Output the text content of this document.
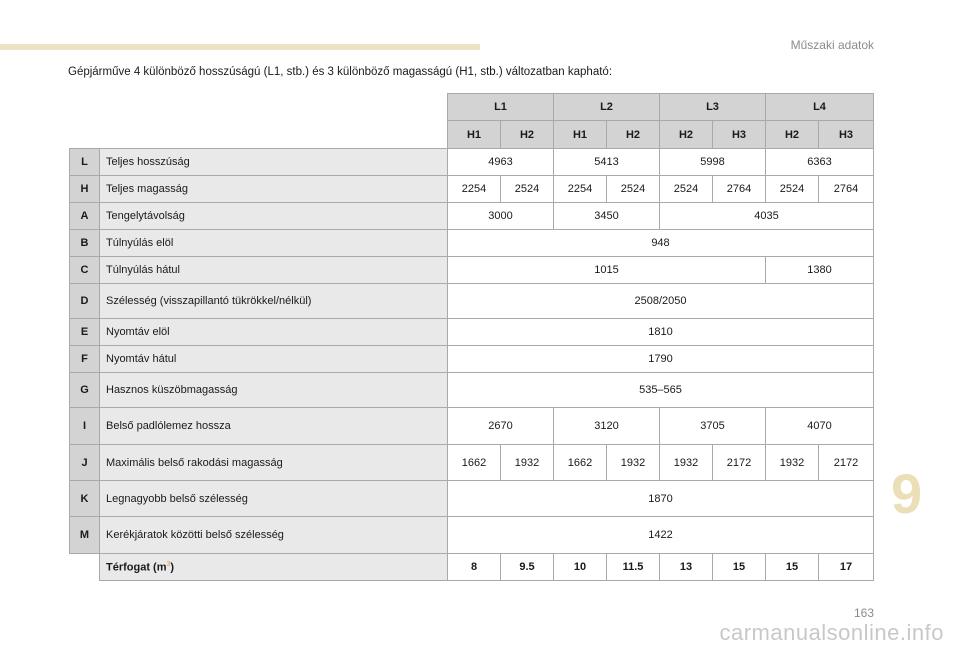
Műszaki adatok
Gépjárműve 4 különböző hosszúságú (L1, stb.) és 3 különböző magasságú (H1, stb.) változatban kapható:
		L1		L2		L3		L4	
		H1	H2	H1	H2	H2	H3	H2	H3
L	Teljes hosszúság	4963		5413		5998		6363	
H	Teljes magasság	2254	2524	2254	2524	2524	2764	2524	2764
A	Tengelytávolság	3000		3450		4035			
B	Túlnyúlás elöl	948							
C	Túlnyúlás hátul	1015						1380	
D	Szélesség (visszapillantó tükrökkel/nélkül)	2508/2050							
E	Nyomtáv elöl	1810							
F	Nyomtáv hátul	1790							
G	Hasznos küszöbmagasság	535–565							
I	Belső padlólemez hossza	2670		3120		3705		4070	
J	Maximális belső rakodási magasság	1662	1932	1662	1932	1932	2172	1932	2172
K	Legnagyobb belső szélesség	1870							
M	Kerékjáratok közötti belső szélesség	1422							
	Térfogat $(m^3)$	8	9.5	10	11.5	13	15	15	17
9
163
carmanualsonline.info
